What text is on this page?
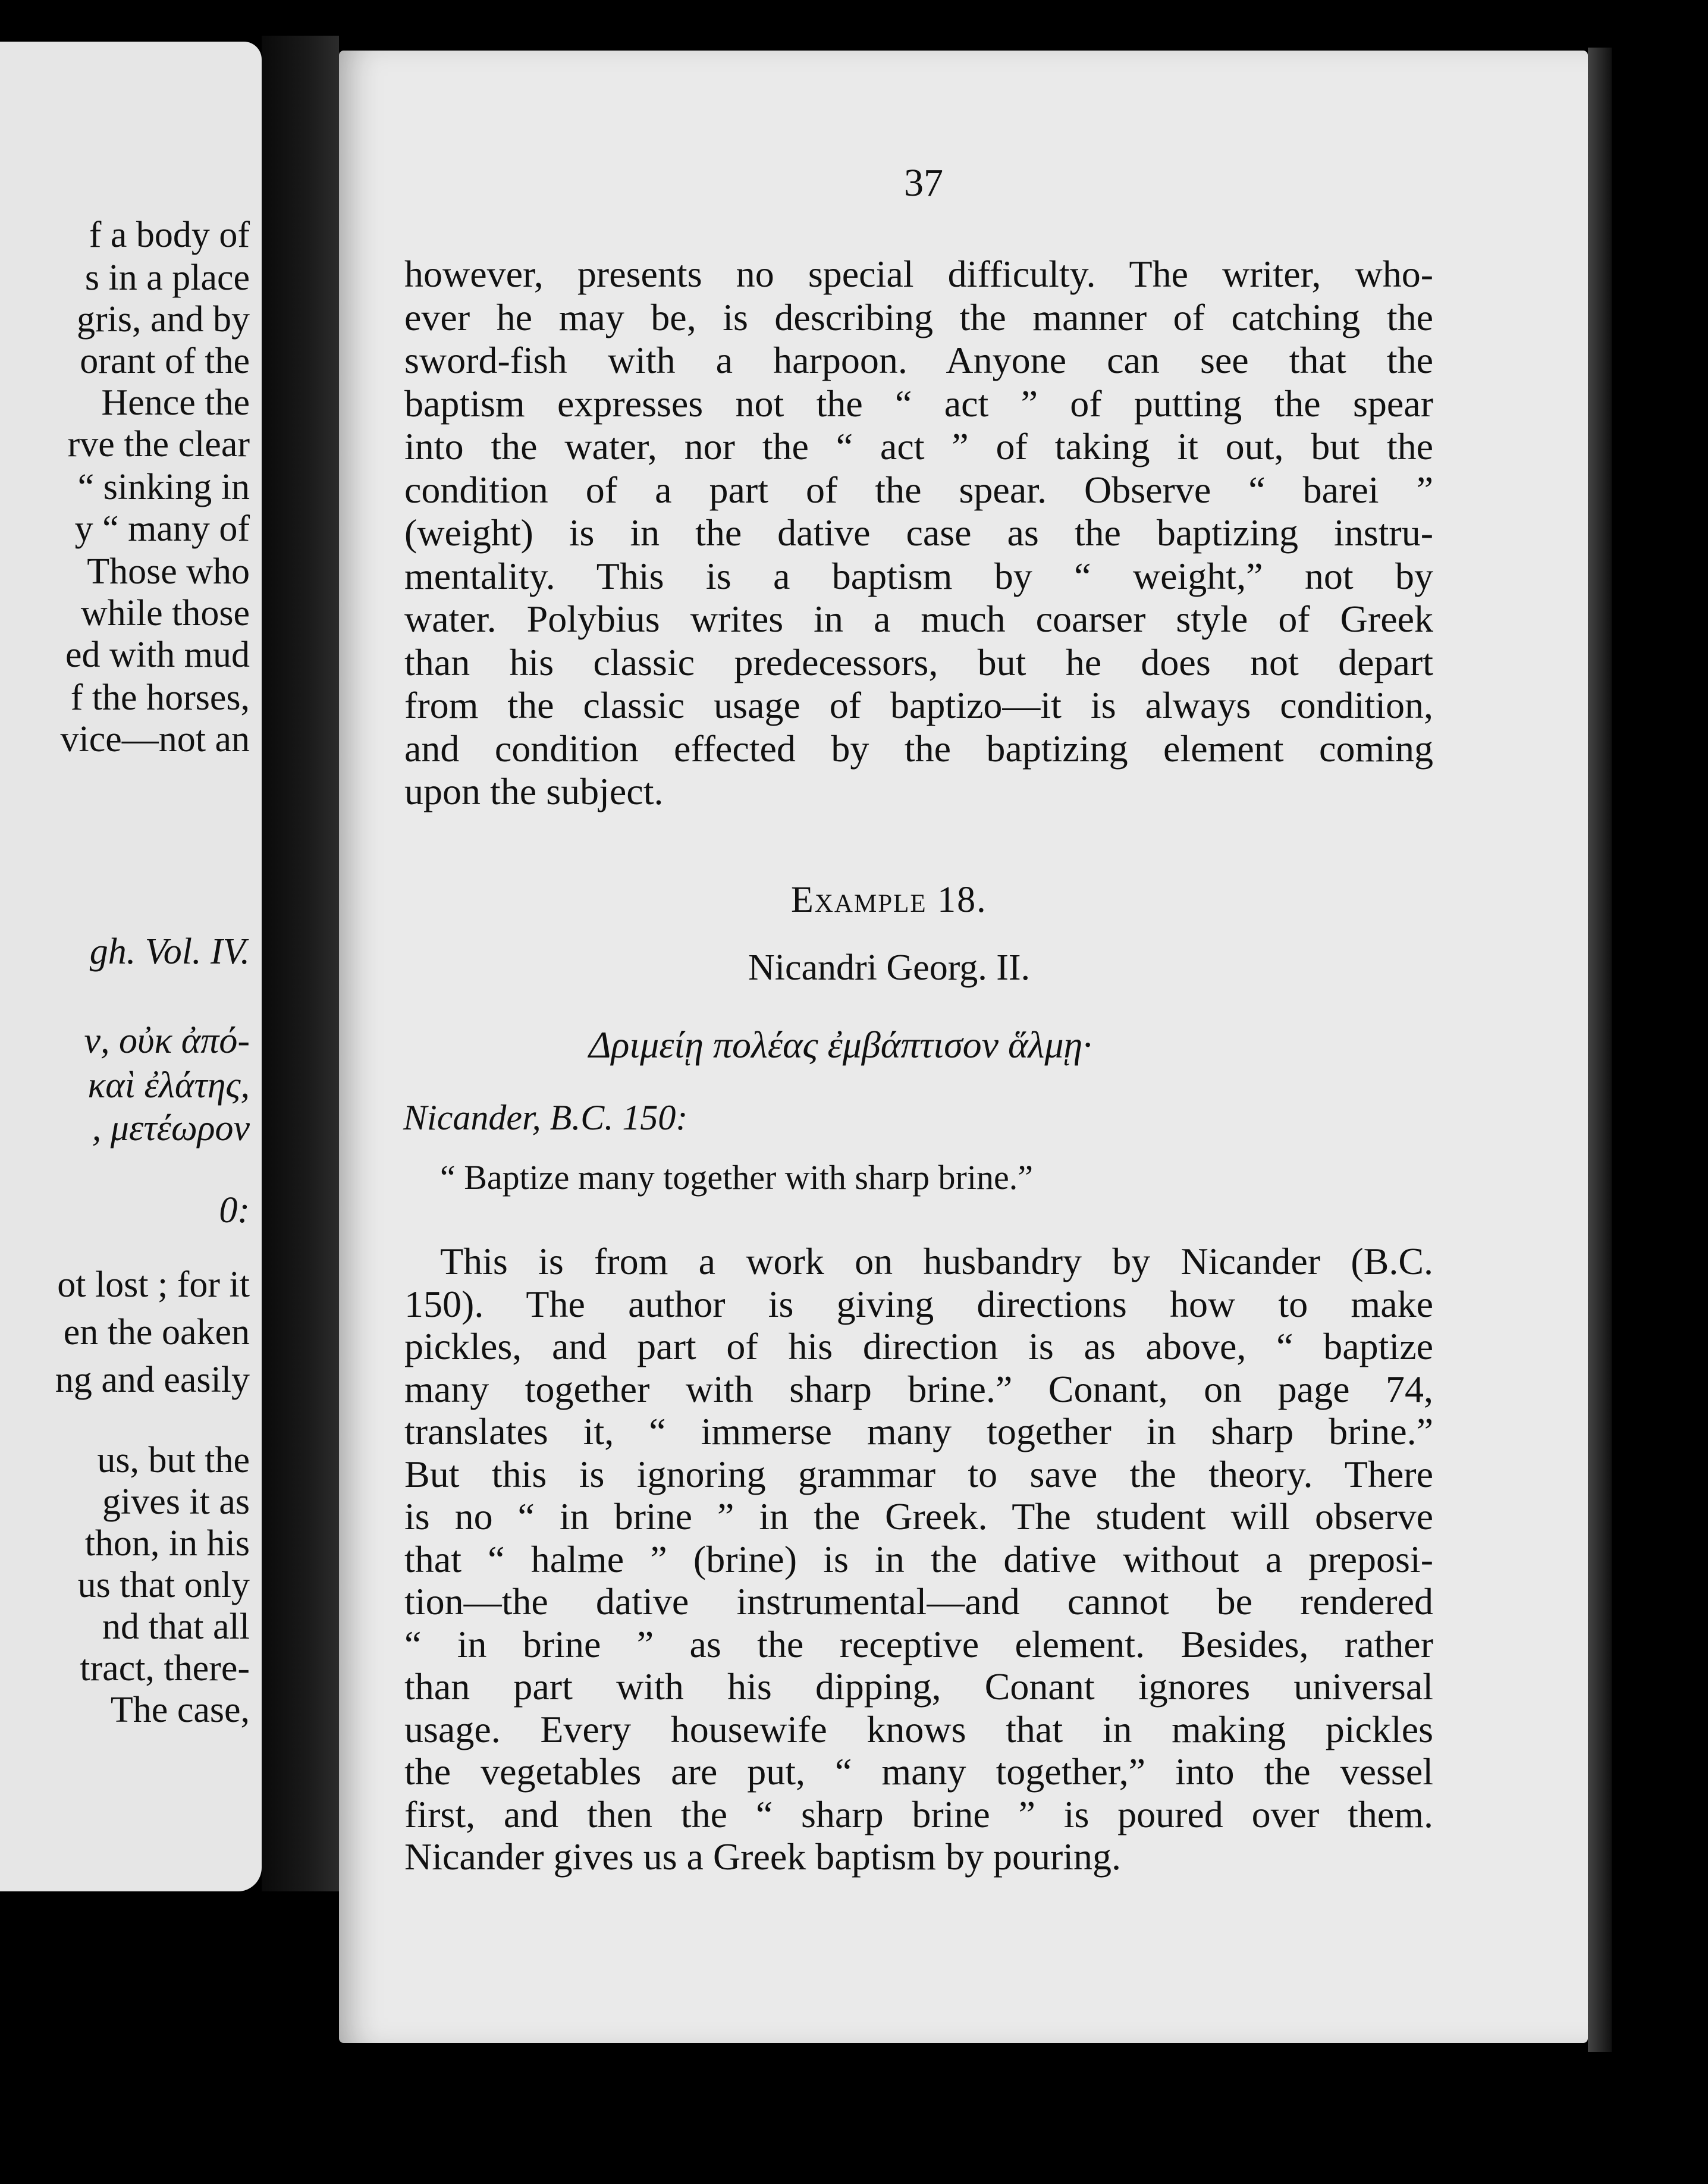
f a body of
s in a place
gris, and by
orant of the
Hence the
rve the clear
“ sinking in
y “ many of
Those who
while those
ed with mud
f the horses,
vice—not an
gh. Vol. IV.
ν, οὐκ ἀπό-
καὶ ἐλάτης,
, μετέωρον
0:
ot lost ; for it
en the oaken
ng and easily
us, but the
gives it as
thon, in his
us that only
nd that all
tract, there-
The case,
37
however, presents no special difficulty. The writer, who-
ever he may be, is describing the manner of catching the
sword-fish with a harpoon. Anyone can see that the
baptism expresses not the “ act ” of putting the spear
into the water, nor the “ act ” of taking it out, but the
condition of a part of the spear. Observe “ barei ”
(weight) is in the dative case as the baptizing instru-
mentality. This is a baptism by “ weight,” not by
water. Polybius writes in a much coarser style of Greek
than his classic predecessors, but he does not depart
from the classic usage of baptizo—it is always condition,
and condition effected by the baptizing element coming
upon the subject.
Example 18.
Nicandri Georg. II.
Δριμείῃ πολέας ἐμβάπτισον ἅλμῃ·
Nicander, B.C. 150:
“ Baptize many together with sharp brine.”
This is from a work on husbandry by Nicander (B.C.
150). The author is giving directions how to make
pickles, and part of his direction is as above, “ baptize
many together with sharp brine.” Conant, on page 74,
translates it, “ immerse many together in sharp brine.”
But this is ignoring grammar to save the theory. There
is no “ in brine ” in the Greek. The student will observe
that “ halme ” (brine) is in the dative without a preposi-
tion—the dative instrumental—and cannot be rendered
“ in brine ” as the receptive element. Besides, rather
than part with his dipping, Conant ignores universal
usage. Every housewife knows that in making pickles
the vegetables are put, “ many together,” into the vessel
first, and then the “ sharp brine ” is poured over them.
Nicander gives us a Greek baptism by pouring.
